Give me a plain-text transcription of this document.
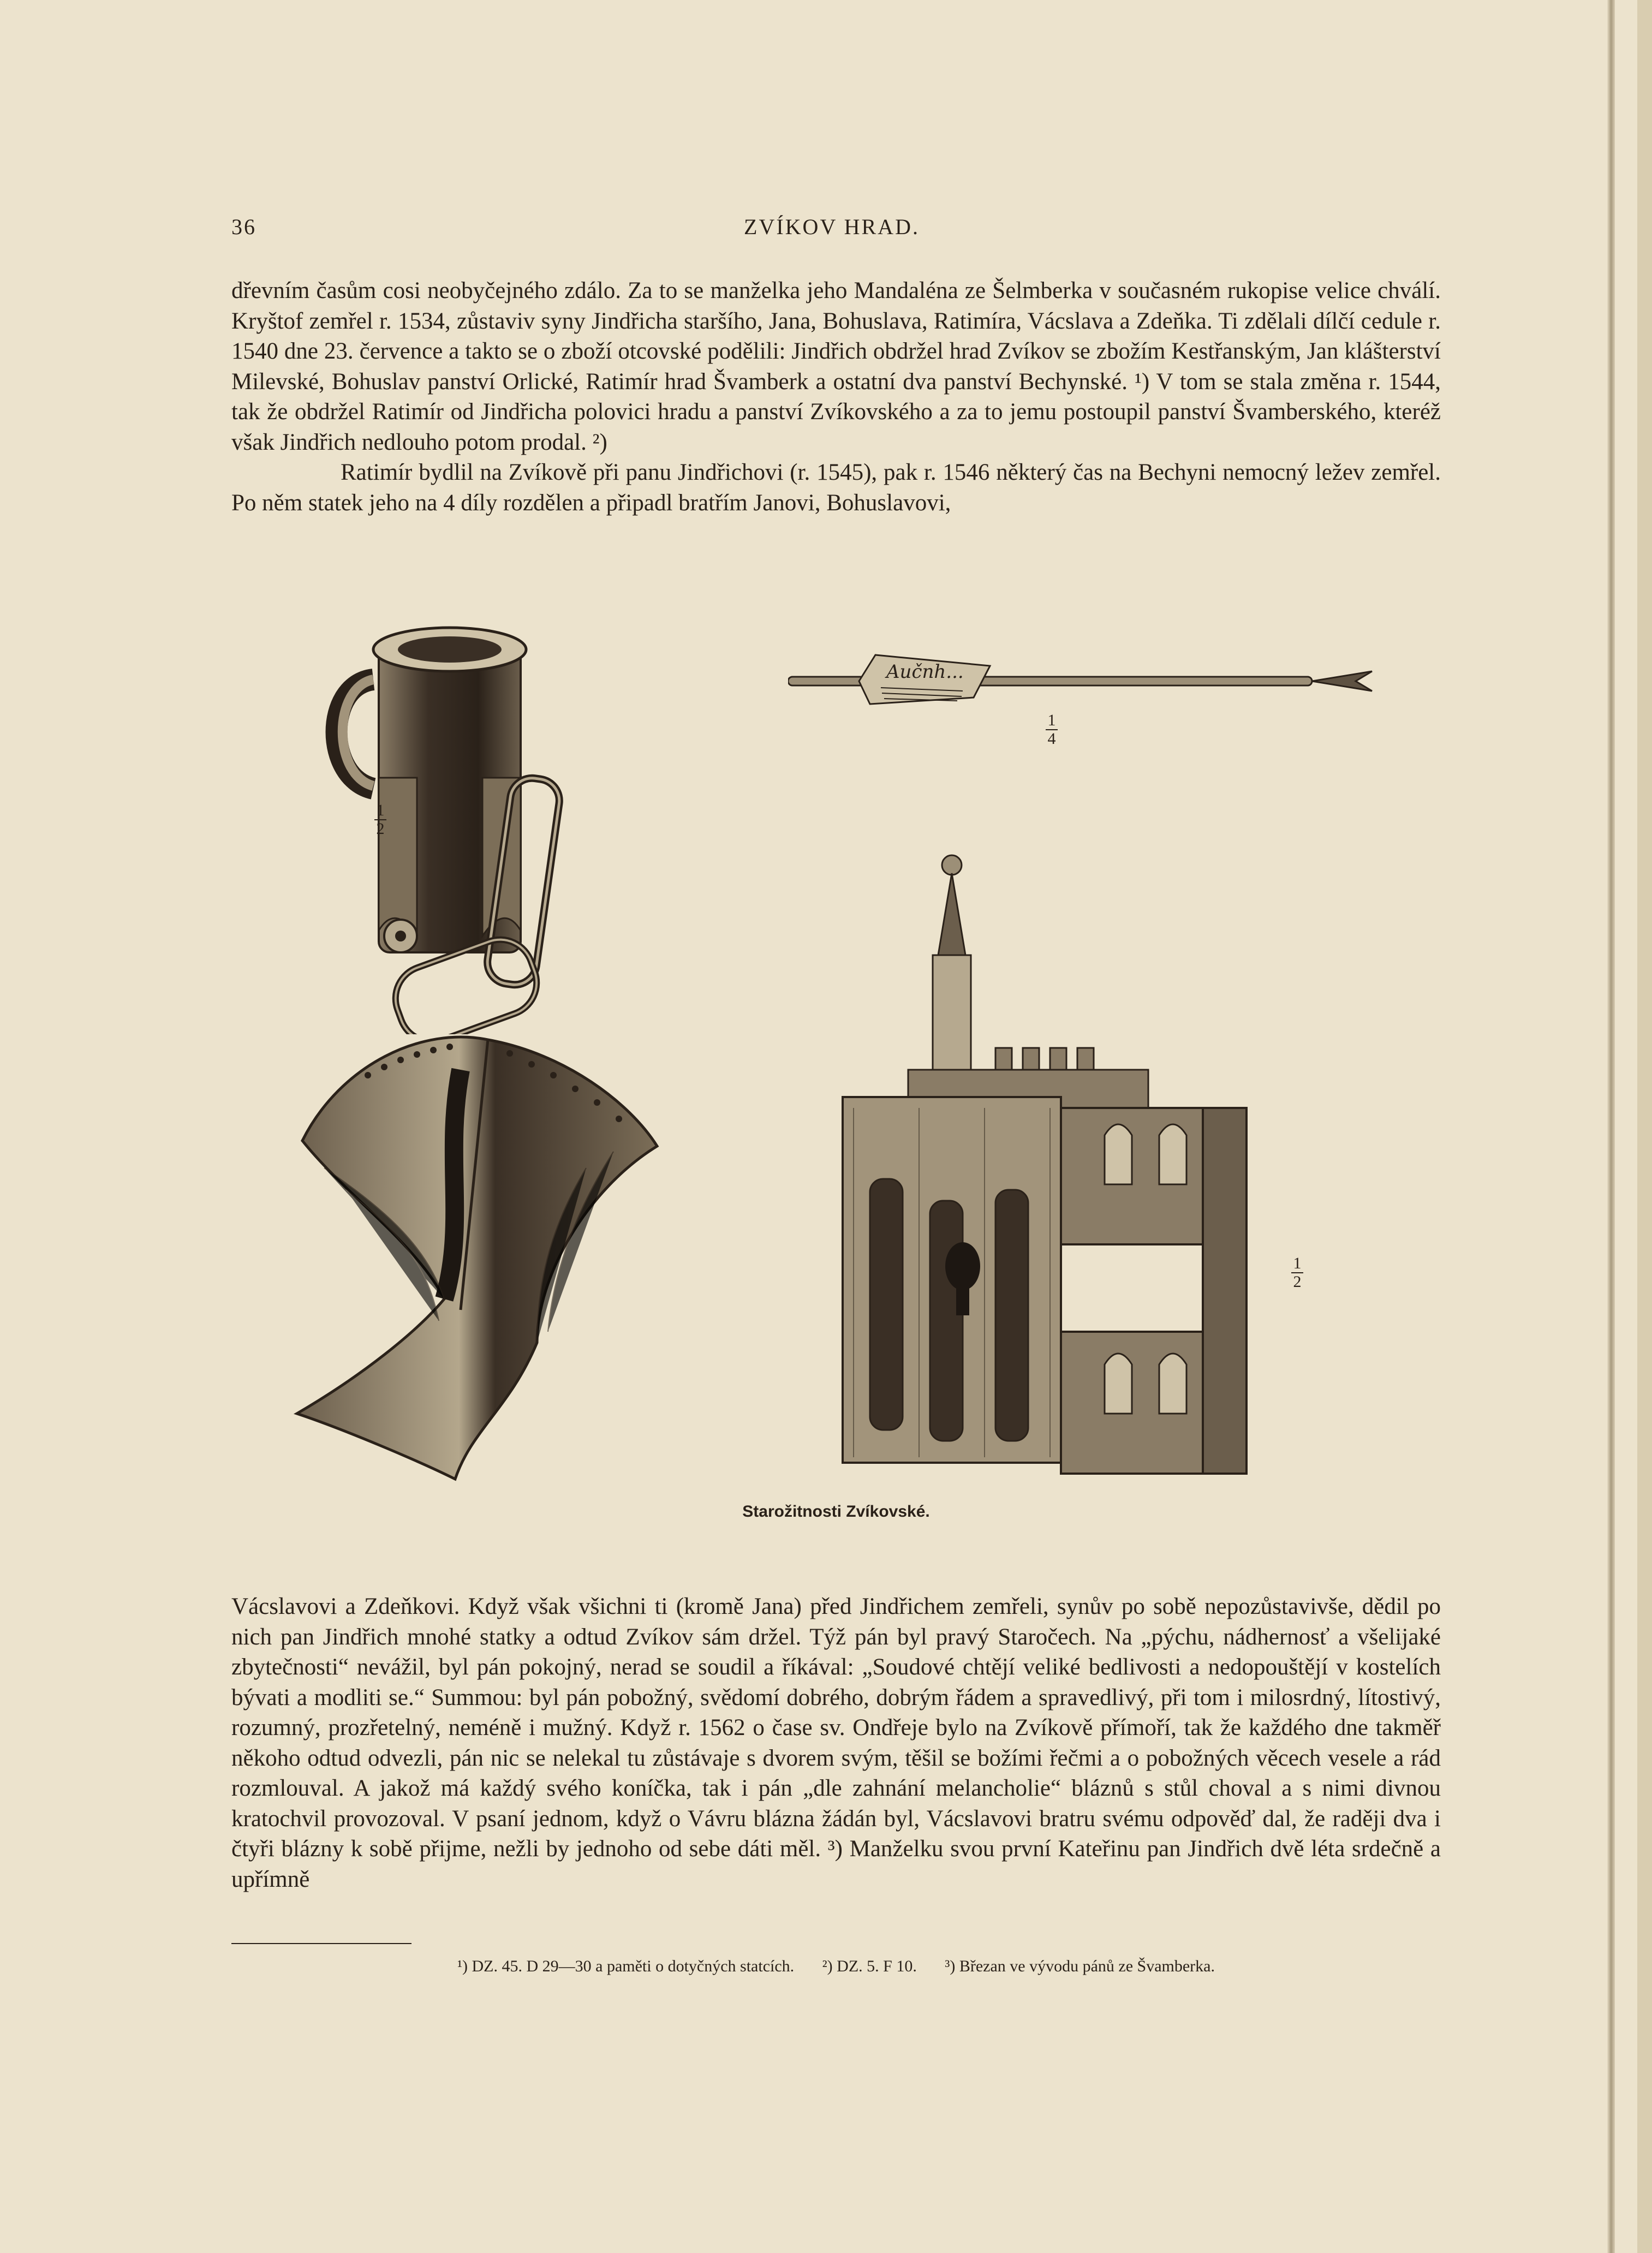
36	ZVÍKOV HRAD.

dřevním časům cosi neobyčejného zdálo. Za to se manželka jeho Mandaléna ze Šelmberka v současném rukopise velice chválí. Kryštof zemřel r. 1534, zůstaviv syny Jindřicha staršího, Jana, Bohuslava, Ratimíra, Vácslava a Zdeňka. Ti zdělali dílčí cedule r. 1540 dne 23. července a takto se o zboží otcovské podělili: Jindřich obdržel hrad Zvíkov se zbožím Kestřanským, Jan klášterství Milevské, Bohuslav panství Orlické, Ratimír hrad Švamberk a ostatní dva panství Bechynské. ¹) V tom se stala změna r. 1544, tak že obdržel Ratimír od Jindřicha polovici hradu a panství Zvíkovského a za to jemu postoupil panství Švamberského, kteréž však Jindřich nedlouho potom prodal. ²)

Ratimír bydlil na Zvíkově při panu Jindřichovi (r. 1545), pak r. 1546 některý čas na Bechyni nemocný ležev zemřel. Po něm statek jeho na 4 díly rozdělen a připadl bratřím Janovi, Bohuslavovi,

1
2
Aučnh...
1
4
1
2
Starožitnosti Zvíkovské.

Vácslavovi a Zdeňkovi. Když však všichni ti (kromě Jana) před Jindřichem zemřeli, synův po sobě nepozůstavivše, dědil po nich pan Jindřich mnohé statky a odtud Zvíkov sám držel. Týž pán byl pravý Staročech. Na „pýchu, nádhernosť a všelijaké zbytečnosti“ nevážil, byl pán pokojný, nerad se soudil a říkával: „Soudové chtějí veliké bedlivosti a nedopouštějí v kostelích bývati a modliti se.“ Summou: byl pán pobožný, svědomí dobrého, dobrým řádem a spravedlivý, při tom i milosrdný, lítostivý, rozumný, prozřetelný, neméně i mužný. Když r. 1562 o čase sv. Ondřeje bylo na Zvíkově přímoří, tak že každého dne takměř někoho odtud odvezli, pán nic se nelekal tu zůstávaje s dvorem svým, těšil se božími řečmi a o pobožných věcech vesele a rád rozmlouval. A jakož má každý svého koníčka, tak i pán „dle zahnání melancholie“ bláznů s stůl choval a s nimi divnou kratochvil provozoval. V psaní jednom, když o Vávru blázna žádán byl, Vácslavovi bratru svému odpověď dal, že raději dva i čtyři blázny k sobě přijme, nežli by jednoho od sebe dáti měl. ³) Manželku svou první Kateřinu pan Jindřich dvě léta srdečně a upřímně

¹) DZ. 45. D 29—30 a paměti o dotyčných statcích. ²) DZ. 5. F 10. ³) Březan ve vývodu pánů ze Švamberka.
